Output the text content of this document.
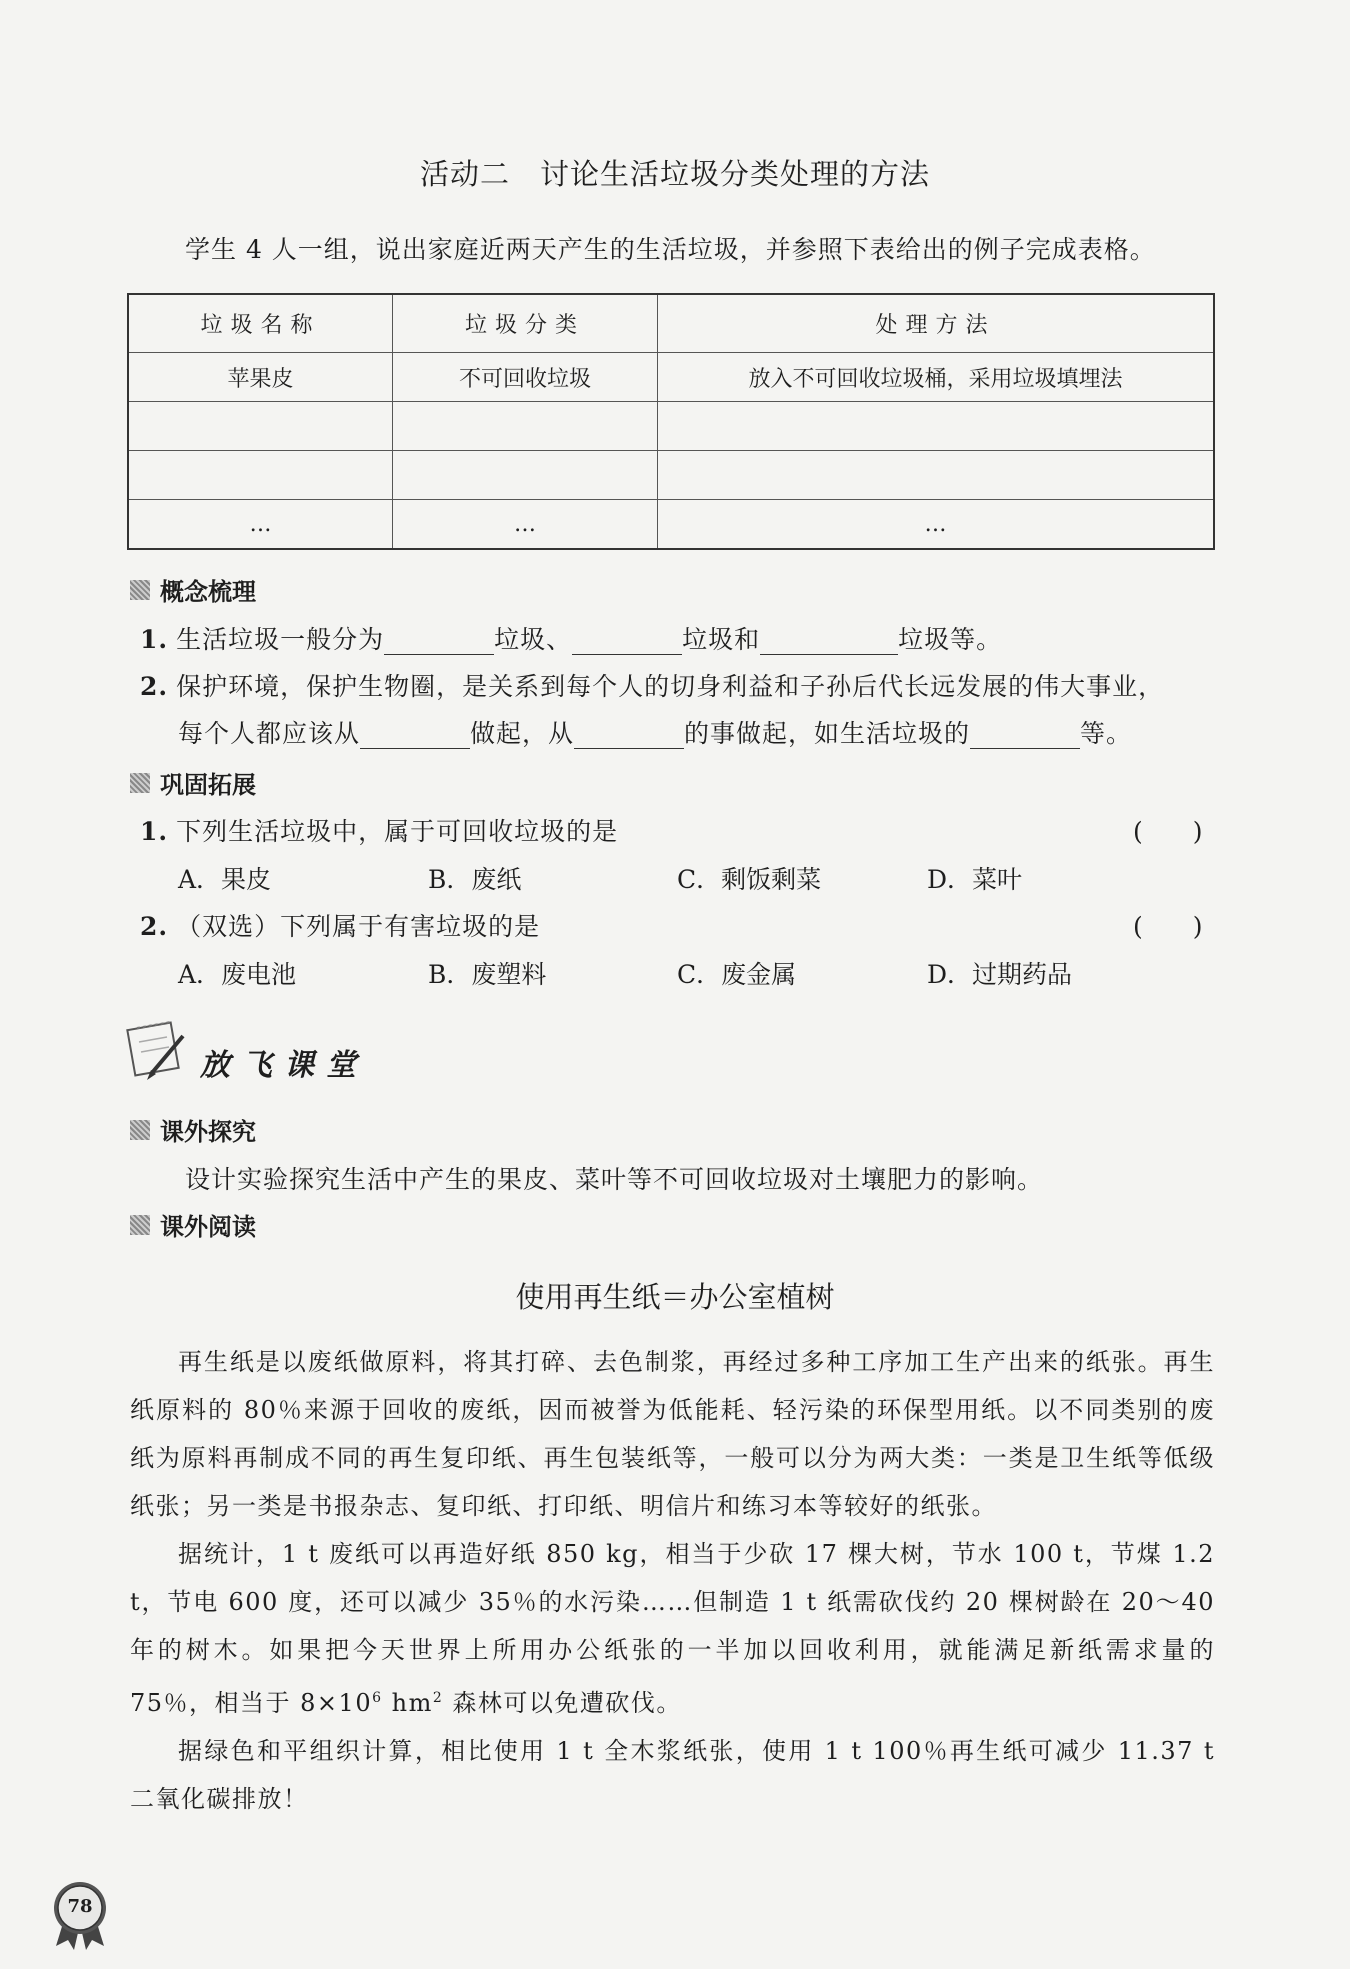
活动二　讨论生活垃圾分类处理的方法
学生 4 人一组，说出家庭近两天产生的生活垃圾，并参照下表给出的例子完成表格。
垃圾名称	垃圾分类	处理方法
苹果皮	不可回收垃圾	放入不可回收垃圾桶，采用垃圾填埋法

…	…	…
概念梳理
1. 生活垃圾一般分为	垃圾、	垃圾和	垃圾等。
2. 保护环境，保护生物圈，是关系到每个人的切身利益和子孙后代长远发展的伟大事业，
每个人都应该从	做起，从	的事做起，如生活垃圾的	等。
巩固拓展
1. 下列生活垃圾中，属于可回收垃圾的是	(　　)
A．果皮	B．废纸	C．剩饭剩菜	D．菜叶
2. （双选）下列属于有害垃圾的是	(　　)
A．废电池	B．废塑料	C．废金属	D．过期药品
放飞课堂
课外探究
设计实验探究生活中产生的果皮、菜叶等不可回收垃圾对土壤肥力的影响。
课外阅读
使用再生纸＝办公室植树

再生纸是以废纸做原料，将其打碎、去色制浆，再经过多种工序加工生产出来的纸张。再生纸原料的 80％来源于回收的废纸，因而被誉为低能耗、轻污染的环保型用纸。以不同类别的废纸为原料再制成不同的再生复印纸、再生包装纸等，一般可以分为两大类：一类是卫生纸等低级纸张；另一类是书报杂志、复印纸、打印纸、明信片和练习本等较好的纸张。

据统计，1 t 废纸可以再造好纸 850 kg，相当于少砍 17 棵大树，节水 100 t，节煤 1.2 t，节电 600 度，还可以减少 35％的水污染……但制造 1 t 纸需砍伐约 20 棵树龄在 20～40 年的树木。如果把今天世界上所用办公纸张的一半加以回收利用，就能满足新纸需求量的 75％，相当于 $8\times 10^6$ $hm^2$ 森林可以免遭砍伐。

据绿色和平组织计算，相比使用 1 t 全木浆纸张，使用 1 t 100％再生纸可减少 11.37 t 二氧化碳排放！

78
